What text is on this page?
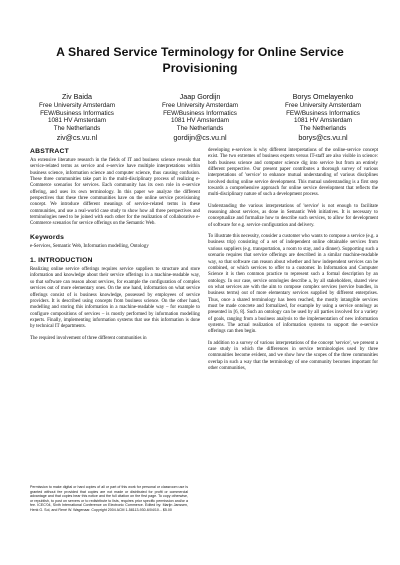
A Shared Service Terminology for Online Service
Provisioning
Ziv Baida
Free University Amsterdam
FEW/Business Informatics
1081 HV Amsterdam
The Netherlands
ziv@cs.vu.nl
Jaap Gordijn
Free University Amsterdam
FEW/Business Informatics
1081 HV Amsterdam
The Netherlands
gordijn@cs.vu.nl
Borys Omelayenko
Free University Amsterdam
FEW/Business Informatics
1081 HV Amsterdam
The Netherlands
borys@cs.vu.nl
ABSTRACT

An extensive literature research in the fields of IT and business science reveals that service-related terms as service and e-service have multiple interpretations within business science, information science and computer science, thus causing confusion. These three communities take part in the multi-disciplinary process of realizing e-Commerce scenarios for services. Each community has its own role in e-service offering, and uses its own terminology. In this paper we analyze the different perspectives that these three communities have on the online service provisioning concept. We introduce different meanings of service-related terms in these communities, and use a real-world case study to show how all three perspectives and terminologies need to be joined with each other for the realization of collaborative e-Commerce scenarios for service offerings on the Semantic Web.

Keywords

e-Services, Semantic Web, Information modelling, Ontology

1. INTRODUCTION

Realizing online service offerings requires service suppliers to structure and store information and knowledge about their service offerings in a machine-readable way, so that software can reason about services, for example the configuration of complex services out of more elementary ones. On the one hand, information on what service offerings consist of is business knowledge, possessed by employees of service providers. It is described using concepts from business science. On the other hand, modelling and storing this information in a machine-readable way – for example to configure compositions of services – is mostly performed by information modelling experts. Finally, implementing information systems that use this information is done by technical IT departments.

The required involvement of three different communities in

developing e-services is why different interpretations of the online-service concept exist. The two extremes of business experts versus IT-staff are also visible in science: both business science and computer science dig into service but from an entirely different perspective. Our present paper contributes a thorough survey of various interpretations of 'service' to enhance mutual understanding of various disciplines involved during online service development. This mutual understanding is a first step towards a comprehensive approach for online service development that reflects the multi-disciplinary nature of such a development process.

Understanding the various interpretations of 'service' is not enough to facilitate reasoning about services, as done in Semantic Web initiatives. It is necessary to conceptualize and formalize how to describe such services, to allow for development of software for e.g. service configuration and delivery.

To illustrate this necessity, consider a customer who wants to compose a service (e.g. a business trip) consisting of a set of independent online obtainable services from various suppliers (e.g. transportation, a room to stay, and a dinner). Supporting such a scenario requires that service offerings are described in a similar machine-readable way, so that software can reason about whether and how independent services can be combined, or which services to offer to a customer. In Information and Computer Science it is then common practice to represent such a formal description by an ontology. In our case, service ontologies describe a, by all stakeholders, shared view on what services are with the aim to compose complex services (service bundles, in business terms) out of more elementary services supplied by different enterprises. Thus, once a shared terminology has been reached, the mostly intangible services must be made concrete and formalized, for example by using a service ontology as presented in [6, 8]. Such an ontology can be used by all parties involved for a variety of goals, ranging from a business analysis to the implementation of new information systems. The actual realization of information systems to support the e-service offerings can then begin.

In addition to a survey of various interpretations of the concept 'service', we present a case study in which the differences in service terminologies used by three communities become evident, and we show how the scopes of the three communities overlap in such a way that the terminology of one community becomes important for other communities,

Permission to make digital or hard copies of all or part of this work for personal or classroom use is granted without fee provided that copies are not made or distributed for profit or commercial advantage and that copies bear this notice and the full citation on the first page. To copy otherwise, or republish, to post on servers or to redistribute to lists, requires prior specific permission and/or a fee. ICEC'04, Sixth International Conference on Electronic Commerce. Edited by: Marijn Janssen, Henk G. Sol, and René W. Wagenaar. Copyright 2004 ACM 1-58113-930-6/04/10... $5.00
